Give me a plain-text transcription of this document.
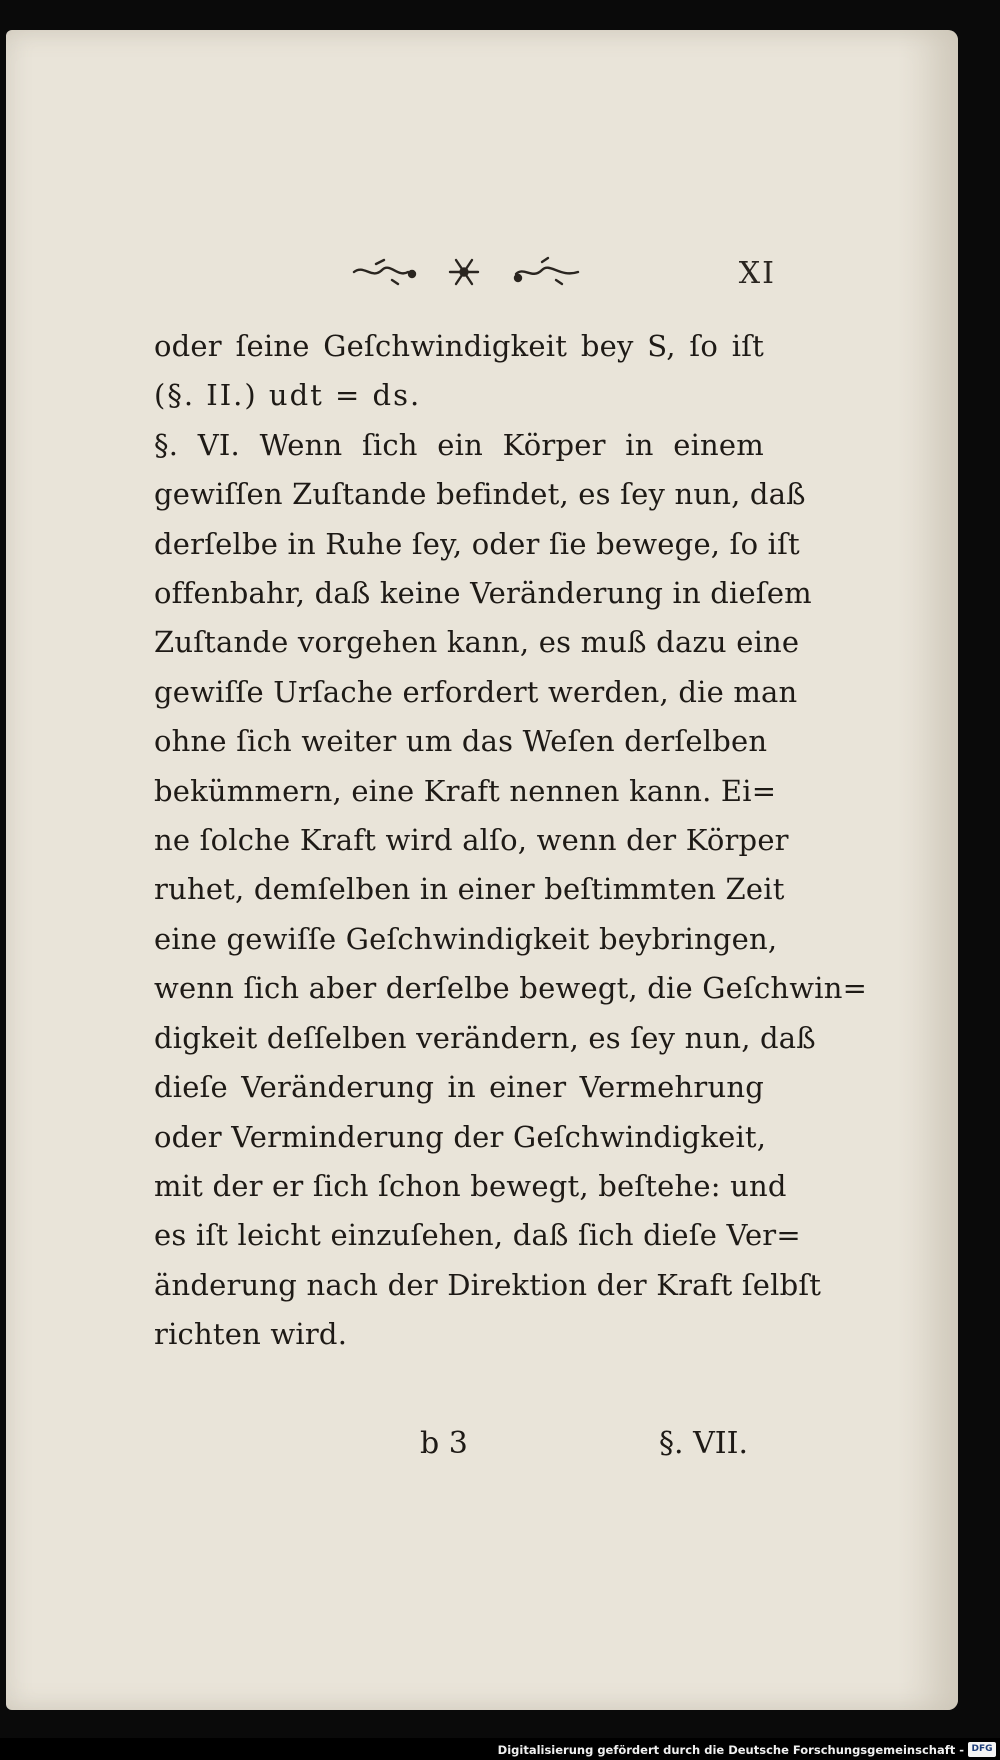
XI
oder ſeine Geſchwindigkeit bey S, ſo iſt
(§. II.) udt = ds.
§. VI. Wenn ſich ein Körper in einem
gewiſſen Zuſtande befindet, es ſey nun, daß
derſelbe in Ruhe ſey, oder ſie bewege, ſo iſt
offenbahr, daß keine Veränderung in dieſem
Zuſtande vorgehen kann, es muß dazu eine
gewiſſe Urſache erfordert werden, die man
ohne ſich weiter um das Weſen derſelben
bekümmern, eine Kraft nennen kann. Ei=
ne ſolche Kraft wird alſo, wenn der Körper
ruhet, demſelben in einer beſtimmten Zeit
eine gewiſſe Geſchwindigkeit beybringen,
wenn ſich aber derſelbe bewegt, die Geſchwin=
digkeit deſſelben verändern, es ſey nun, daß
dieſe Veränderung in einer Vermehrung
oder Verminderung der Geſchwindigkeit,
mit der er ſich ſchon bewegt, beſtehe: und
es iſt leicht einzuſehen, daß ſich dieſe Ver=
änderung nach der Direktion der Kraft ſelbſt
richten wird.
b 3	§. VII.
Digitalisierung gefördert durch die Deutsche Forschungsgemeinschaft - DFG
